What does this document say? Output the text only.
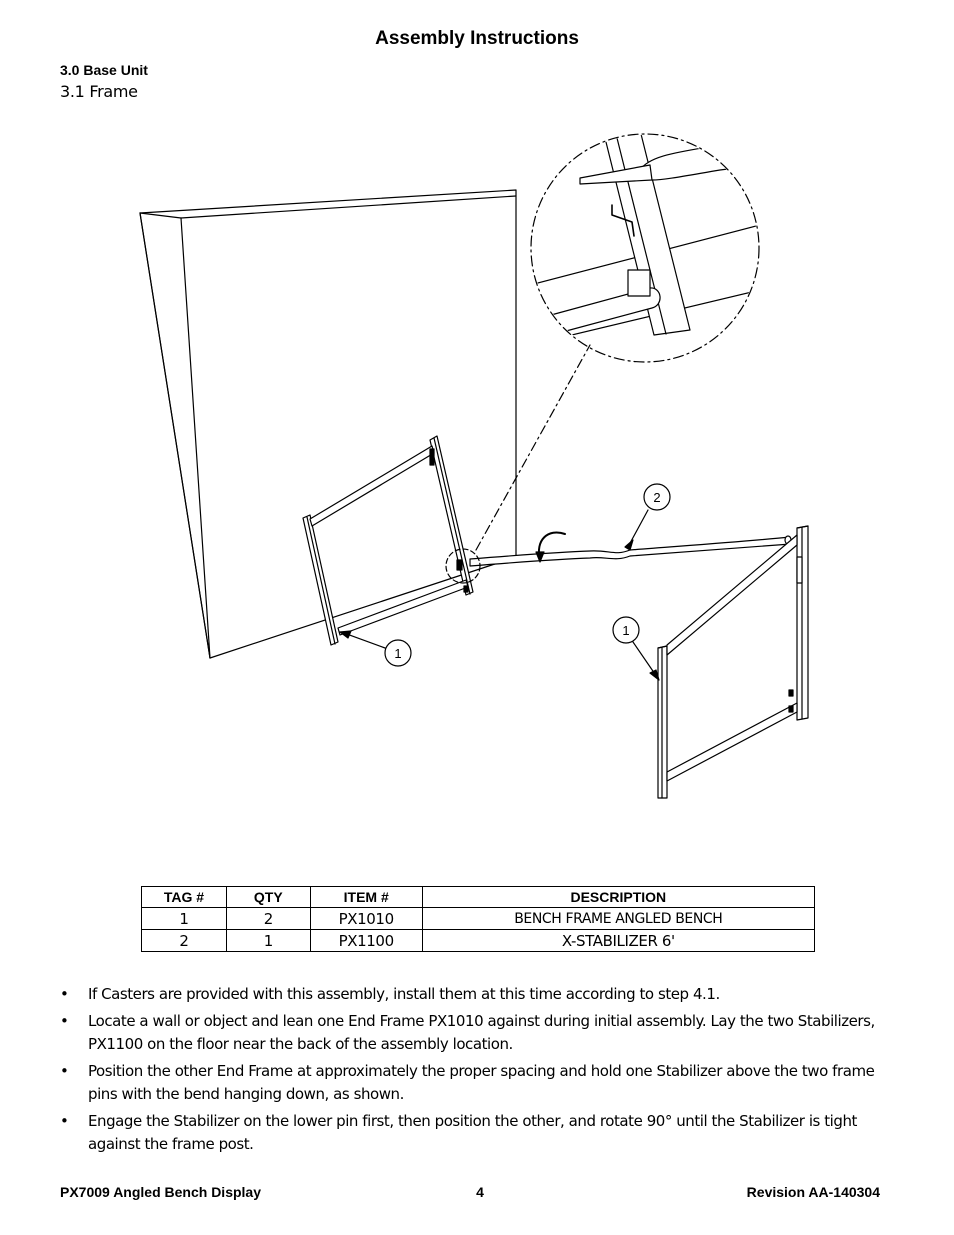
Assembly Instructions
3.0 Base Unit
3.1 Frame
2
1
1
TAG #	QTY	ITEM #	DESCRIPTION
1	2	PX1010	BENCH FRAME ANGLED BENCH
2	1	PX1100	X-STABILIZER 6'
• If Casters are provided with this assembly, install them at this time according to step 4.1.
• Locate a wall or object and lean one End Frame PX1010 against during initial assembly. Lay the two Stabilizers, PX1100 on the floor near the back of the assembly location.
• Position the other End Frame at approximately the proper spacing and hold one Stabilizer above the two frame pins with the bend hanging down, as shown.
• Engage the Stabilizer on the lower pin first, then position the other, and rotate 90° until the Stabilizer is tight against the frame post.
PX7009 Angled Bench Display	4	Revision AA-140304
